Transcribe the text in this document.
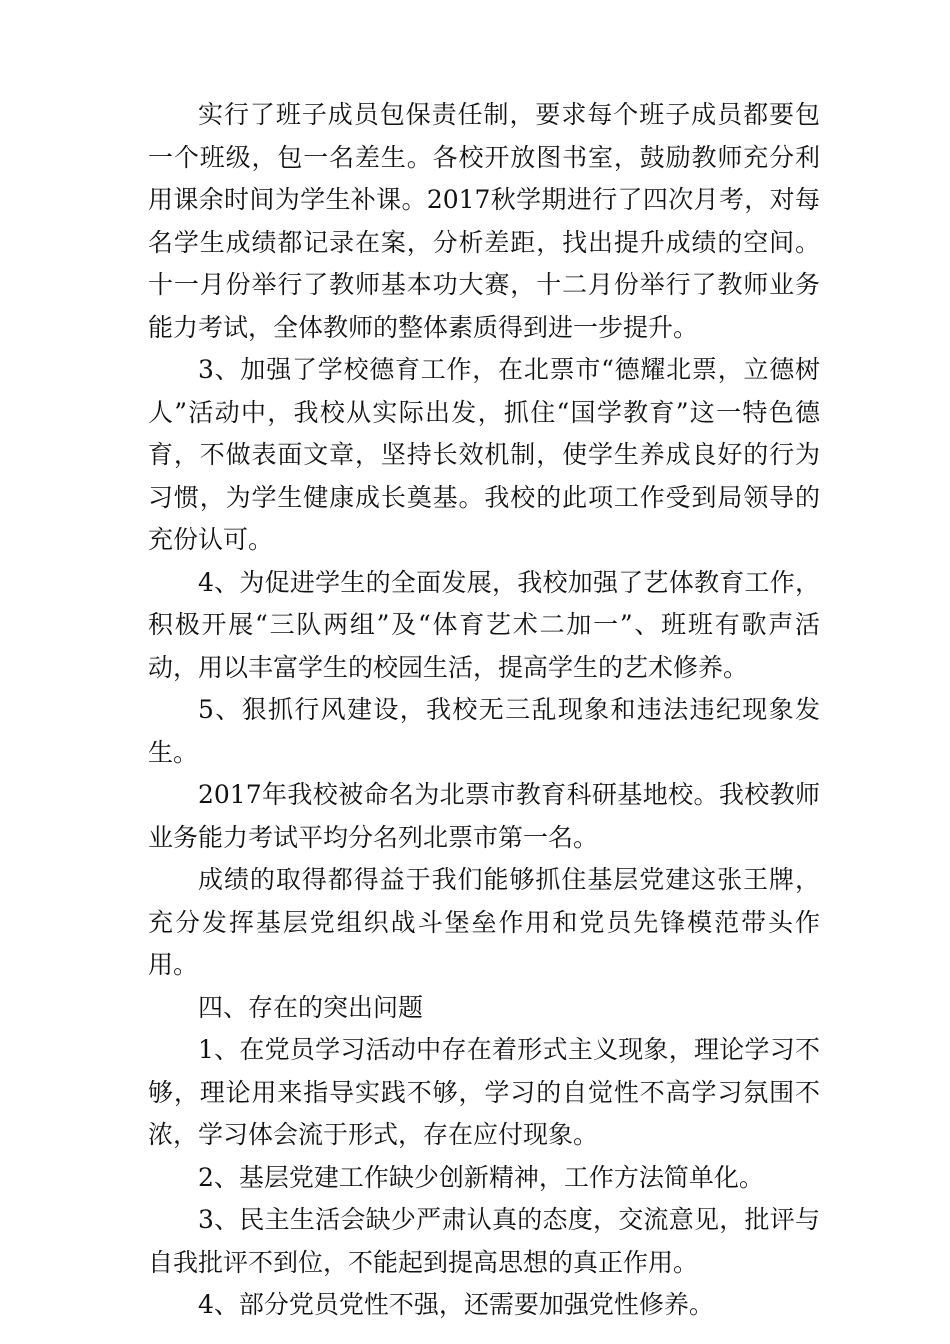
实行了班子成员包保责任制，要求每个班子成员都要包一个班级，包一名差生。各校开放图书室，鼓励教师充分利用课余时间为学生补课。2017秋学期进行了四次月考，对每名学生成绩都记录在案，分析差距，找出提升成绩的空间。十一月份举行了教师基本功大赛，十二月份举行了教师业务能力考试，全体教师的整体素质得到进一步提升。

3、加强了学校德育工作，在北票市“德耀北票，立德树人”活动中，我校从实际出发，抓住“国学教育”这一特色德育，不做表面文章，坚持长效机制，使学生养成良好的行为习惯，为学生健康成长奠基。我校的此项工作受到局领导的充份认可。

4、为促进学生的全面发展，我校加强了艺体教育工作，积极开展“三队两组”及“体育艺术二加一”、班班有歌声活动，用以丰富学生的校园生活，提高学生的艺术修养。

5、狠抓行风建设，我校无三乱现象和违法违纪现象发生。

2017年我校被命名为北票市教育科研基地校。我校教师业务能力考试平均分名列北票市第一名。

成绩的取得都得益于我们能够抓住基层党建这张王牌，充分发挥基层党组织战斗堡垒作用和党员先锋模范带头作用。

四、存在的突出问题

1、在党员学习活动中存在着形式主义现象，理论学习不够，理论用来指导实践不够，学习的自觉性不高学习氛围不浓，学习体会流于形式，存在应付现象。

2、基层党建工作缺少创新精神，工作方法简单化。

3、民主生活会缺少严肃认真的态度，交流意见，批评与自我批评不到位，不能起到提高思想的真正作用。

4、部分党员党性不强，还需要加强党性修养。
